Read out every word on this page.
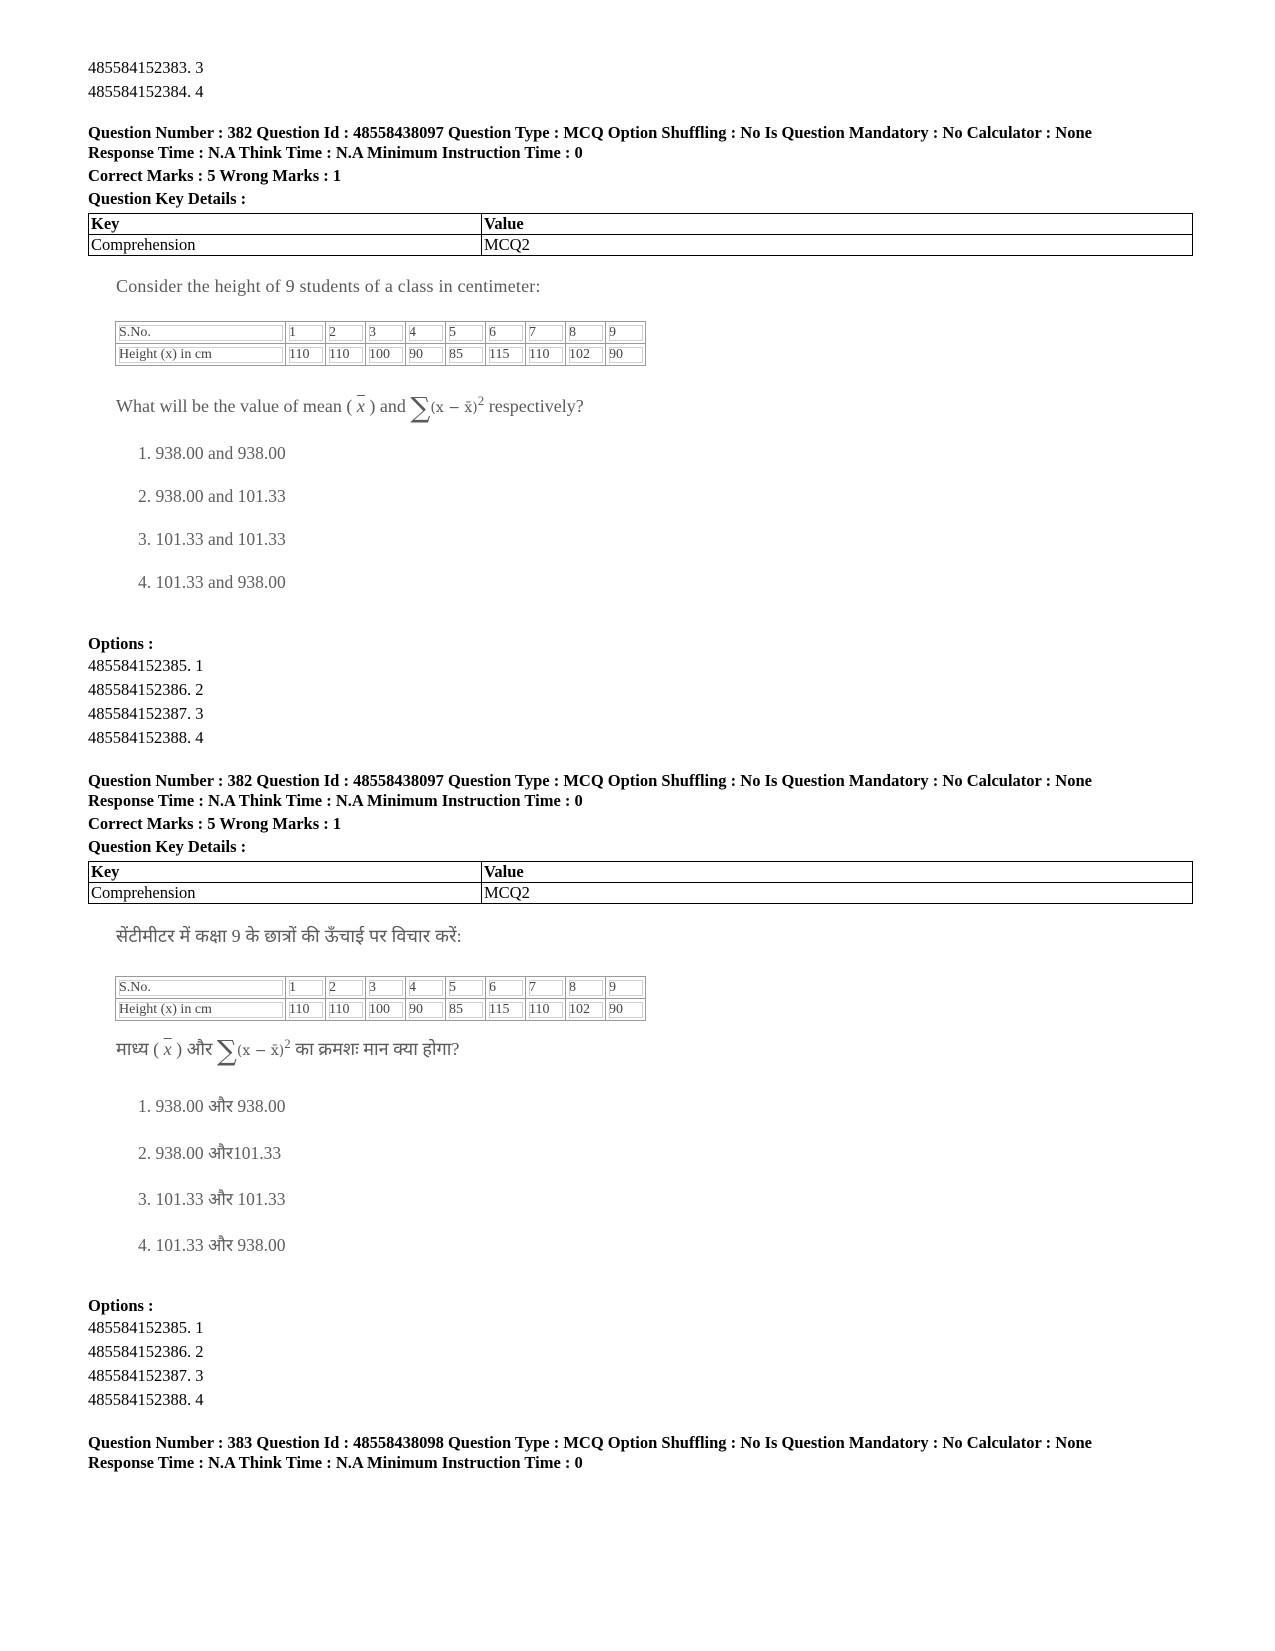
485584152383. 3
485584152384. 4
Question Number : 382 Question Id : 48558438097 Question Type : MCQ Option Shuffling : No Is Question Mandatory : No Calculator : None
Response Time : N.A Think Time : N.A Minimum Instruction Time : 0
Correct Marks : 5 Wrong Marks : 1
Question Key Details :
Key	Value
Comprehension	MCQ2
Consider the height of 9 students of a class in centimeter:
S.No.	1	2	3	4	5	6	7	8	9
Height (x) in cm	110	110	100	90	85	115	110	102	90
What will be the value of mean ( $\overline{x}$ ) and ∑(x − x̄)$^2$ respectively?
1. 938.00 and 938.00
2. 938.00 and 101.33
3. 101.33 and 101.33
4. 101.33 and 938.00
Options :
485584152385. 1
485584152386. 2
485584152387. 3
485584152388. 4
Question Number : 382 Question Id : 48558438097 Question Type : MCQ Option Shuffling : No Is Question Mandatory : No Calculator : None
Response Time : N.A Think Time : N.A Minimum Instruction Time : 0
Correct Marks : 5 Wrong Marks : 1
Question Key Details :
Key	Value
Comprehension	MCQ2
सेंटीमीटर में कक्षा 9 के छात्रों की ऊँचाई पर विचार करें:
S.No.	1	2	3	4	5	6	7	8	9
Height (x) in cm	110	110	100	90	85	115	110	102	90
माध्य ( $\overline{x}$ ) और ∑(x − x̄)$^2$ का क्रमशः मान क्या होगा?
1. 938.00 और 938.00
2. 938.00 और101.33
3. 101.33 और 101.33
4. 101.33 और 938.00
Options :
485584152385. 1
485584152386. 2
485584152387. 3
485584152388. 4
Question Number : 383 Question Id : 48558438098 Question Type : MCQ Option Shuffling : No Is Question Mandatory : No Calculator : None
Response Time : N.A Think Time : N.A Minimum Instruction Time : 0
